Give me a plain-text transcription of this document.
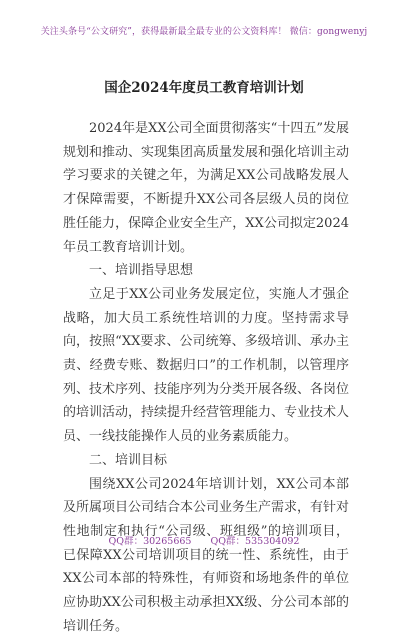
关注头条号“公文研究”，获得最新最全最专业的公文资料库！ 微信：gongwenyj
国企2024年度员工教育培训计划

2024年是XX公司全面贯彻落实“十四五”发展规划和推动、实现集团高质量发展和强化培训主动学习要求的关键之年，为满足XX公司战略发展人才保障需要，不断提升XX公司各层级人员的岗位胜任能力，保障企业安全生产，XX公司拟定2024年员工教育培训计划。

一、培训指导思想

立足于XX公司业务发展定位，实施人才强企战略，加大员工系统性培训的力度。坚持需求导向，按照“XX要求、公司统筹、多级培训、承办主责、经费专账、数据归口”的工作机制，以管理序列、技术序列、技能序列为分类开展各级、各岗位的培训活动，持续提升经营管理能力、专业技术人员、一线技能操作人员的业务素质能力。

二、培训目标

围绕XX公司2024年培训计划，XX公司本部及所属项目公司结合本公司业务生产需求，有针对性地制定和执行“公司级、班组级”的培训项目，已保障XX公司培训项目的统一性、系统性，由于XX公司本部的特殊性，有师资和场地条件的单位应协助XX公司积极主动承担XX级、分公司本部的培训任务。

QQ群：30265665 QQ群：535304092
